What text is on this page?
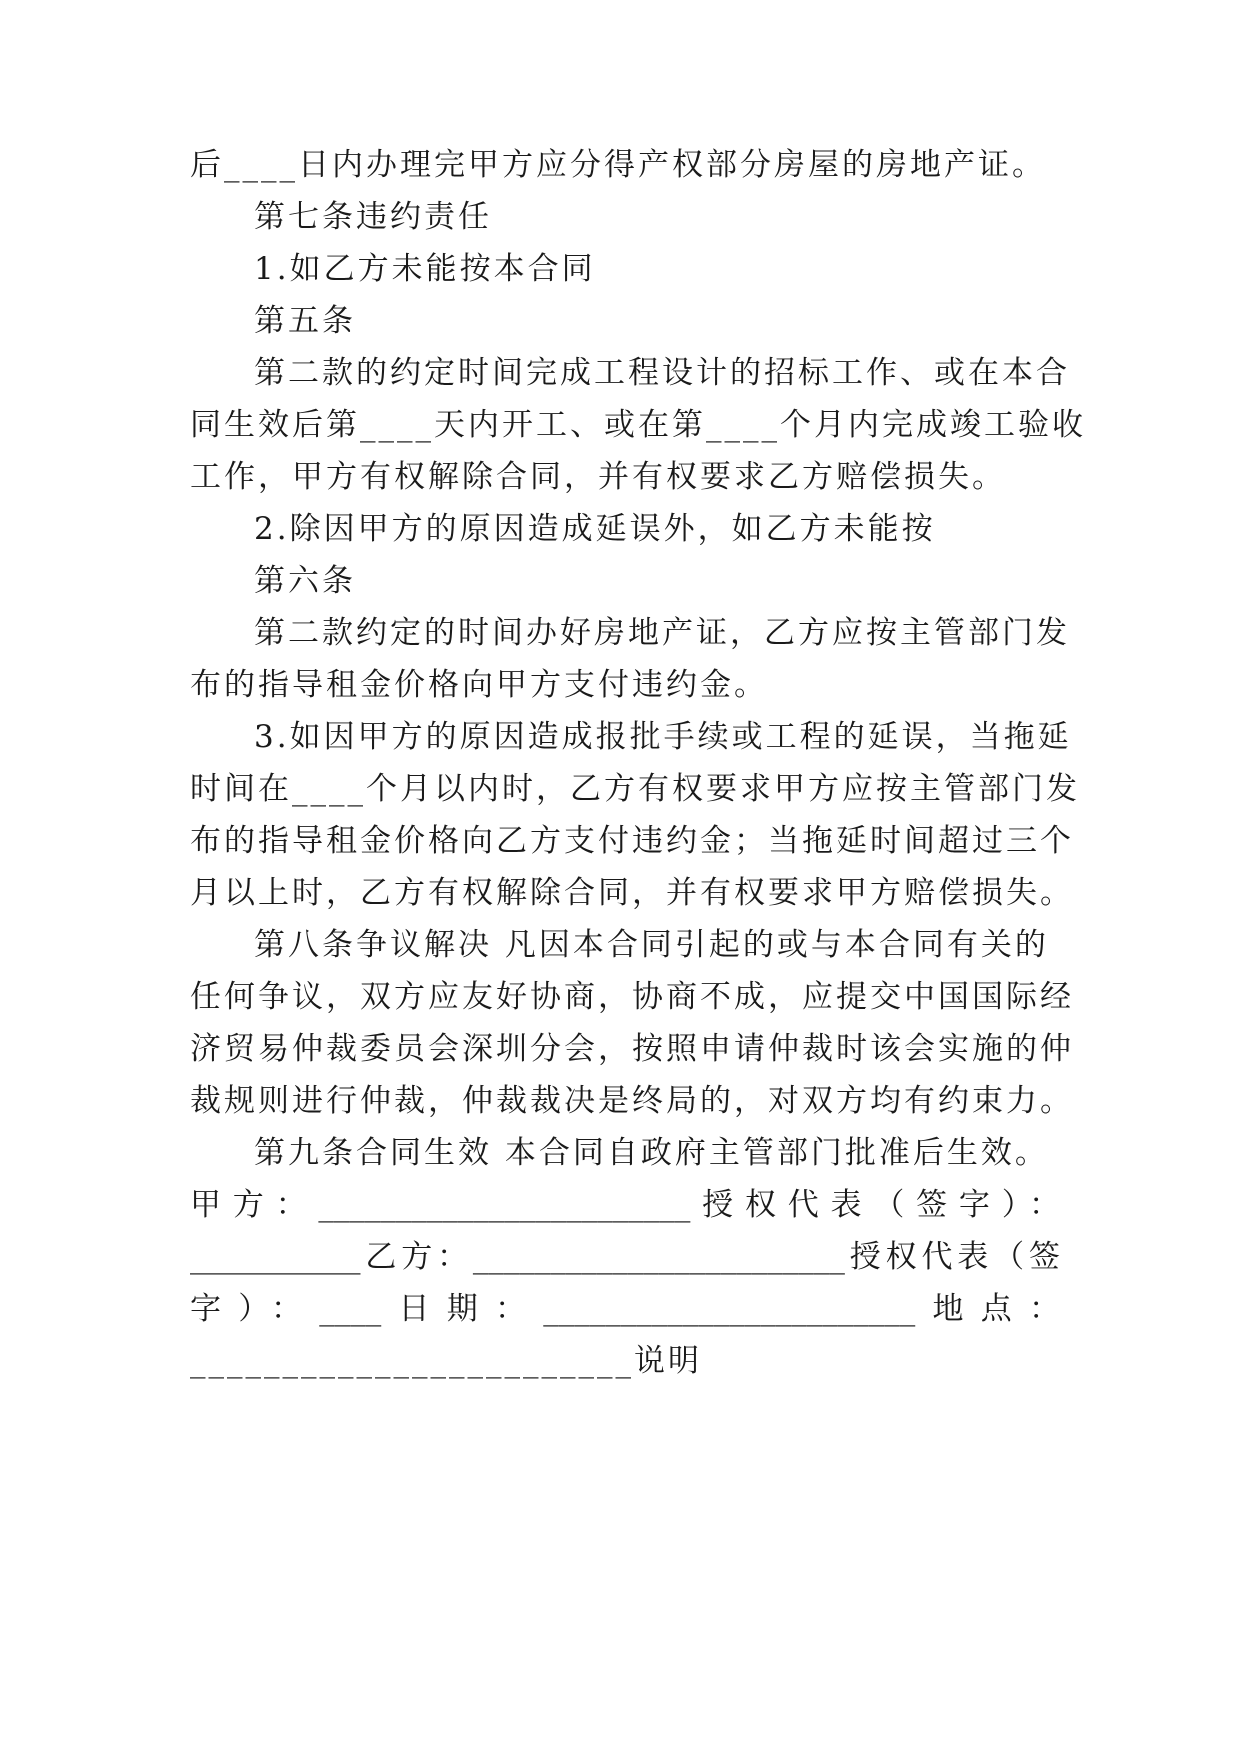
后____日内办理完甲方应分得产权部分房屋的房地产证。
第七条违约责任
1.如乙方未能按本合同
第五条
第二款的约定时间完成工程设计的招标工作、或在本合
同生效后第____天内开工、或在第____个月内完成竣工验收
工作，甲方有权解除合同，并有权要求乙方赔偿损失。
2.除因甲方的原因造成延误外，如乙方未能按
第六条
第二款约定的时间办好房地产证，乙方应按主管部门发
布的指导租金价格向甲方支付违约金。
3.如因甲方的原因造成报批手续或工程的延误，当拖延
时间在____个月以内时，乙方有权要求甲方应按主管部门发
布的指导租金价格向乙方支付违约金；当拖延时间超过三个
月以上时，乙方有权解除合同，并有权要求甲方赔偿损失。
第八条争议解决 凡因本合同引起的或与本合同有关的
任何争议，双方应友好协商，协商不成，应提交中国国际经
济贸易仲裁委员会深圳分会，按照申请仲裁时该会实施的仲
裁规则进行仲裁，仲裁裁决是终局的，对双方均有约束力。
第九条合同生效 本合同自政府主管部门批准后生效。
甲方：________________________授权代表（签字）：
___________乙方：________________________授权代表（签
字）：____日期：________________________地点：
________________________说明
